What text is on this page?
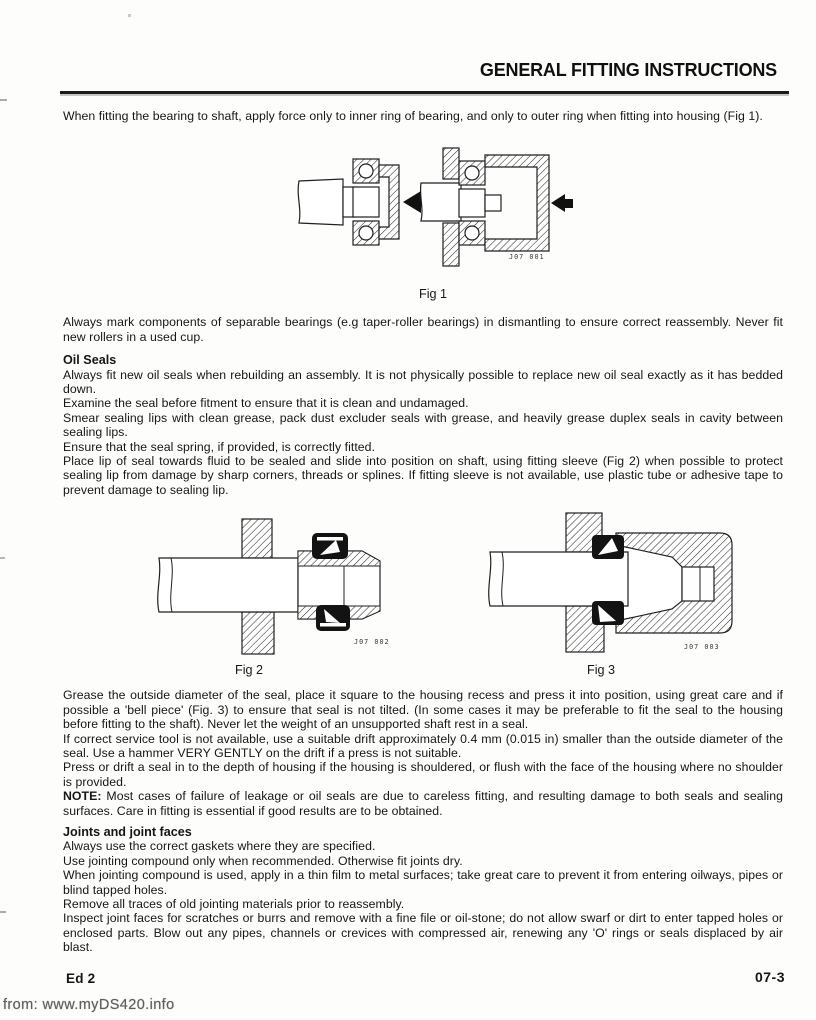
GENERAL FITTING INSTRUCTIONS

When fitting the bearing to shaft, apply force only to inner ring of bearing, and only to outer ring when fitting into housing (Fig 1).

J07 001
Fig 1

Always mark components of separable bearings (e.g taper-roller bearings) in dismantling to ensure correct reassembly. Never fit new rollers in a used cup.

Oil Seals

Always fit new oil seals when rebuilding an assembly. It is not physically possible to replace new oil seal exactly as it has bedded down.

Examine the seal before fitment to ensure that it is clean and undamaged.

Smear sealing lips with clean grease, pack dust excluder seals with grease, and heavily grease duplex seals in cavity between sealing lips.

Ensure that the seal spring, if provided, is correctly fitted.

Place lip of seal towards fluid to be sealed and slide into position on shaft, using fitting sleeve (Fig 2) when possible to protect sealing lip from damage by sharp corners, threads or splines. If fitting sleeve is not available, use plastic tube or adhesive tape to prevent damage to sealing lip.

J07 002
J07 003
Fig 2	Fig 3

Grease the outside diameter of the seal, place it square to the housing recess and press it into position, using great care and if possible a 'bell piece' (Fig. 3) to ensure that seal is not tilted. (In some cases it may be preferable to fit the seal to the housing before fitting to the shaft). Never let the weight of an unsupported shaft rest in a seal.

If correct service tool is not available, use a suitable drift approximately 0.4 mm (0.015 in) smaller than the outside diameter of the seal. Use a hammer VERY GENTLY on the drift if a press is not suitable.

Press or drift a seal in to the depth of housing if the housing is shouldered, or flush with the face of the housing where no shoulder is provided.

NOTE: Most cases of failure of leakage or oil seals are due to careless fitting, and resulting damage to both seals and sealing surfaces. Care in fitting is essential if good results are to be obtained.

Joints and joint faces

Always use the correct gaskets where they are specified.

Use jointing compound only when recommended. Otherwise fit joints dry.

When jointing compound is used, apply in a thin film to metal surfaces; take great care to prevent it from entering oilways, pipes or blind tapped holes.

Remove all traces of old jointing materials prior to reassembly.

Inspect joint faces for scratches or burrs and remove with a fine file or oil-stone; do not allow swarf or dirt to enter tapped holes or enclosed parts. Blow out any pipes, channels or crevices with compressed air, renewing any 'O' rings or seals displaced by air blast.

Ed 2	07-3
from: www.myDS420.info
